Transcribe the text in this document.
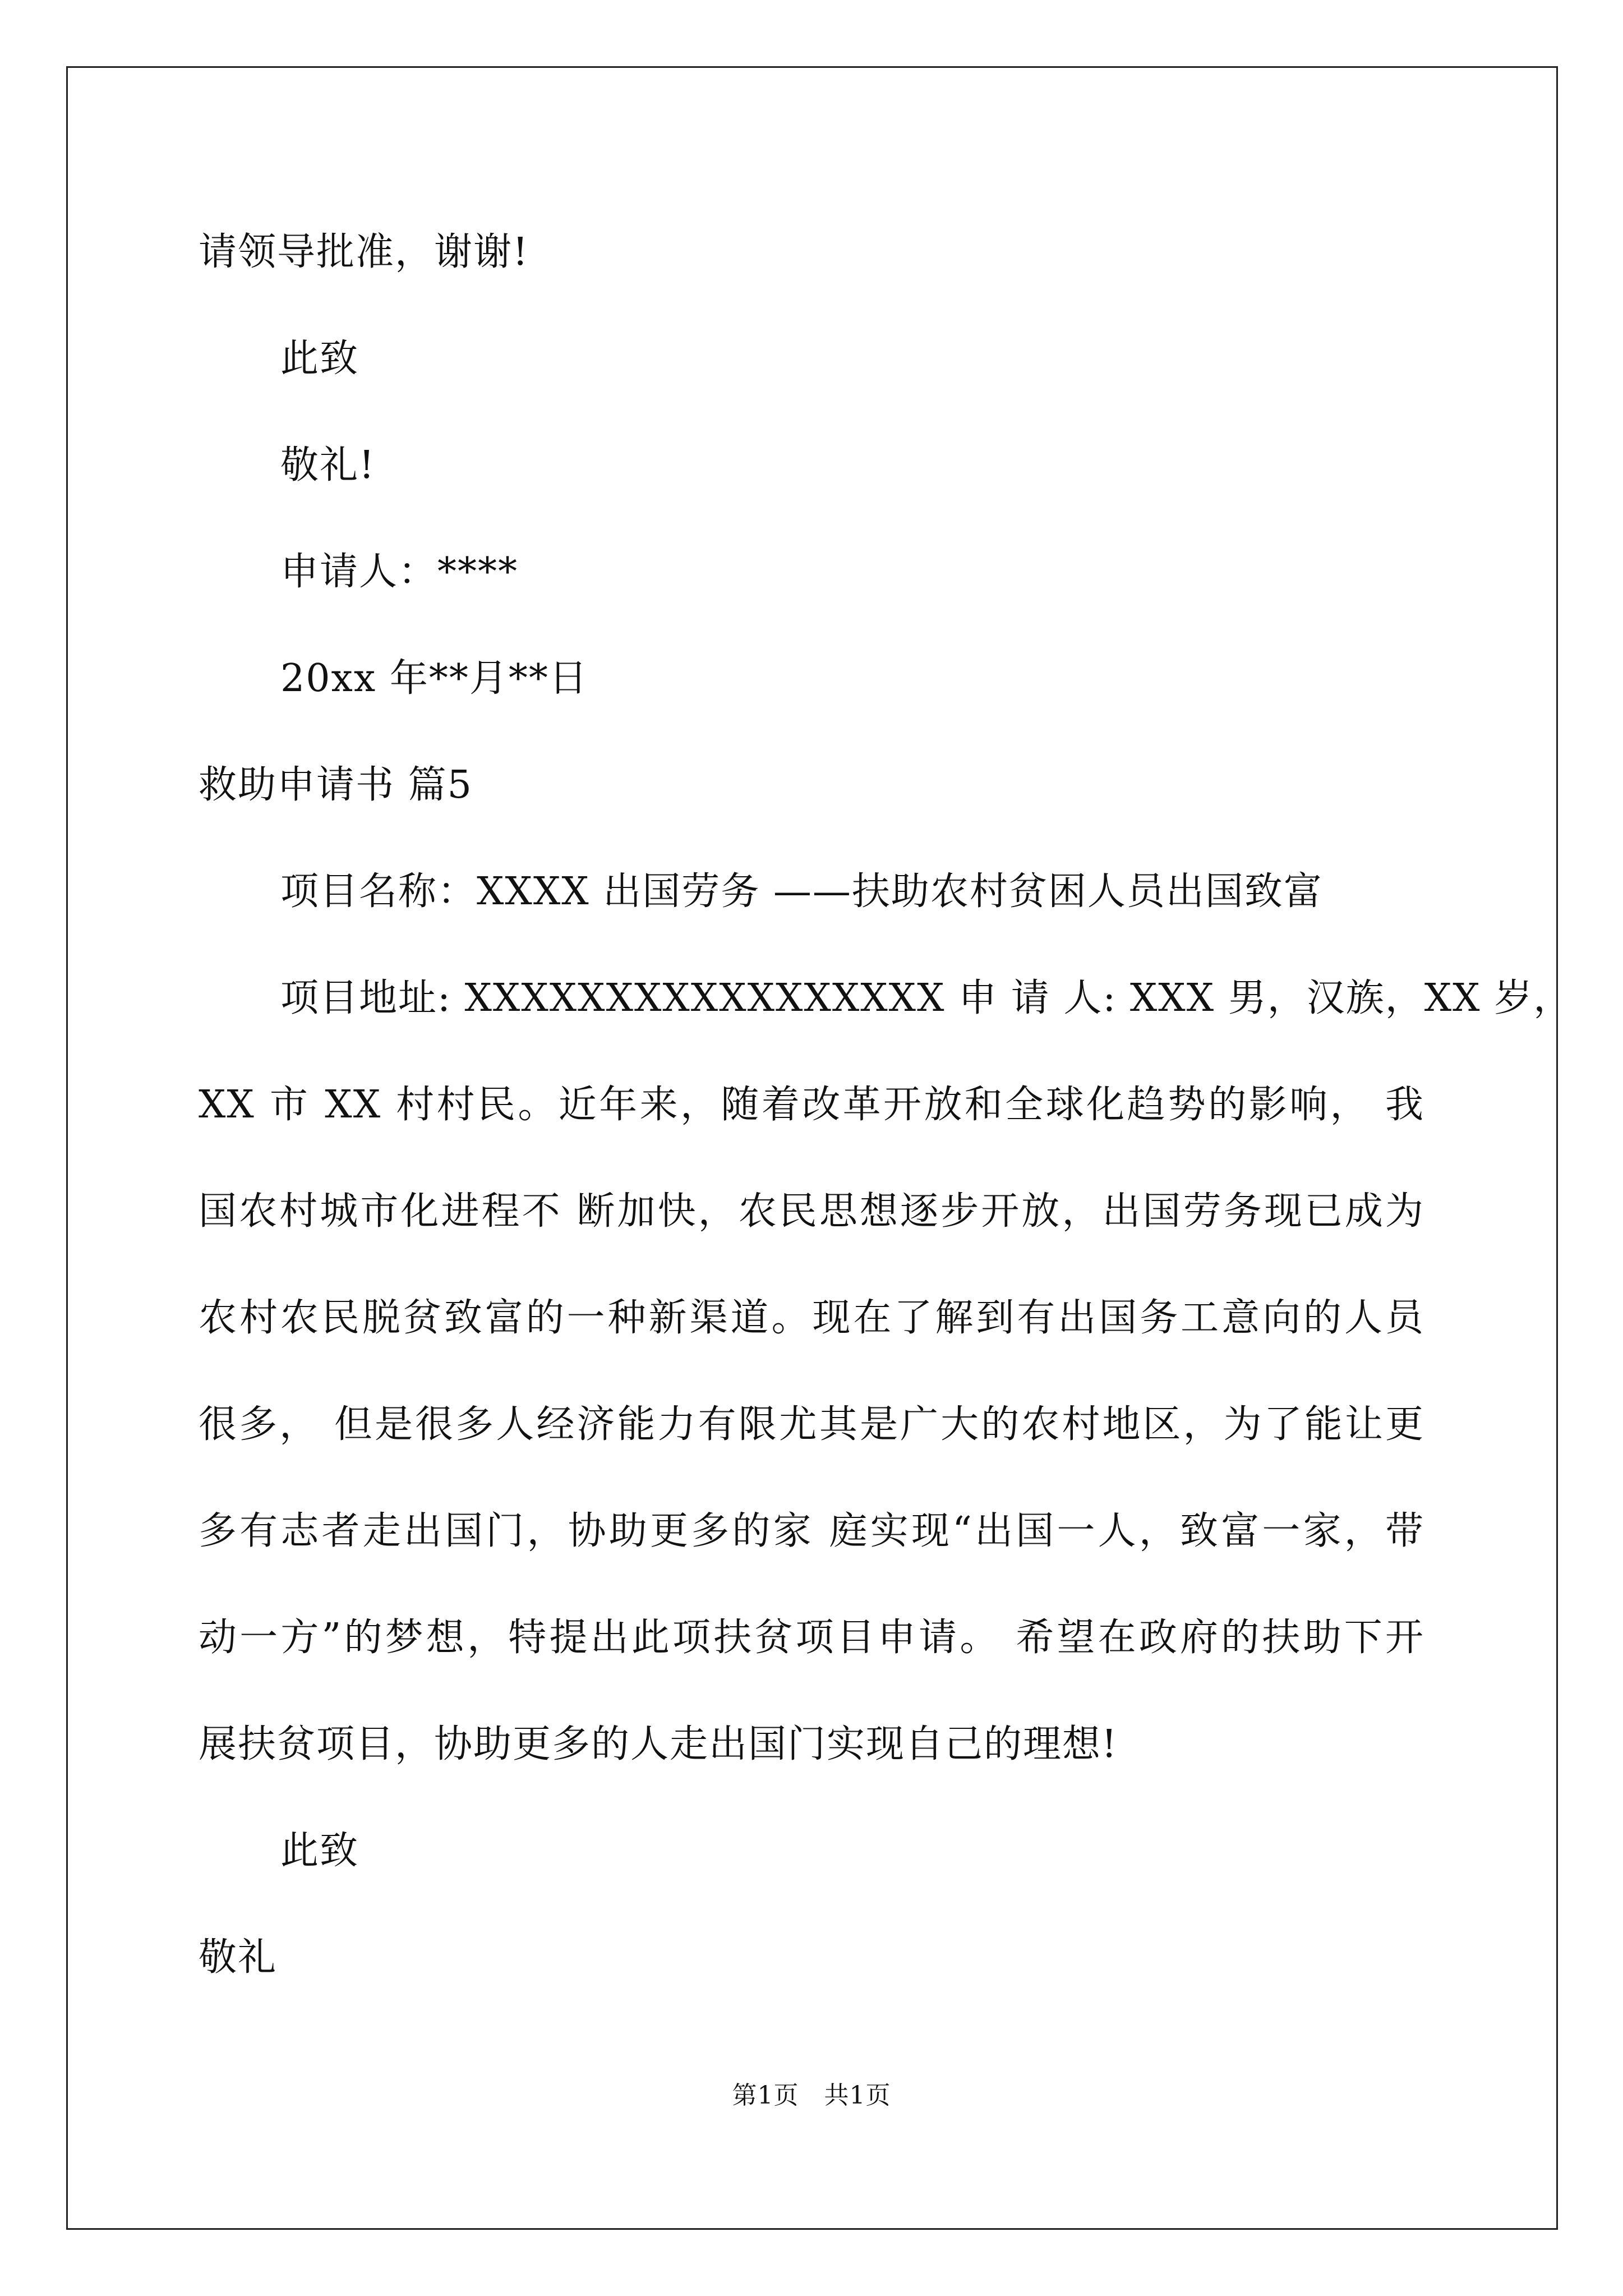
请领导批准，谢谢!
此致
敬礼!
申请人：****
20xx 年**月**日
救助申请书 篇5
项目名称：XXXX 出国劳务 ——扶助农村贫困人员出国致富
项目地址: XXXXXXXXXXXXXXXXX 申 请 人: XXX 男，汉族，XX 岁，
XX 市 XX 村村民。近年来，随着改革开放和全球化趋势的影响， 我
国农村城市化进程不 断加快，农民思想逐步开放，出国劳务现已成为
农村农民脱贫致富的一种新渠道。现在了解到有出国务工意向的人员
很多， 但是很多人经济能力有限尤其是广大的农村地区，为了能让更
多有志者走出国门，协助更多的家 庭实现“出国一人，致富一家，带
动一方”的梦想，特提出此项扶贫项目申请。 希望在政府的扶助下开
展扶贫项目，协助更多的人走出国门实现自己的理想!
此致
敬礼
第1页   共1页
